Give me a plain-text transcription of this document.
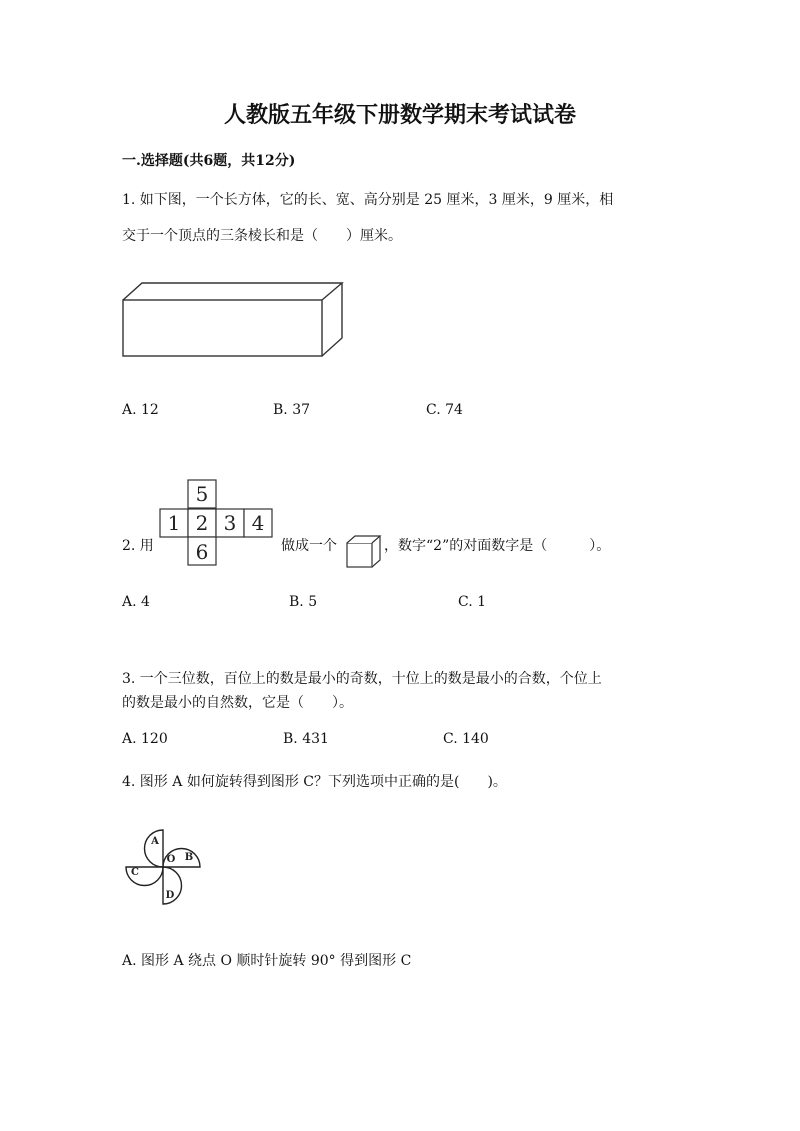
人教版五年级下册数学期末考试试卷
一.选择题(共6题，共12分)
1. 如下图，一个长方体，它的长、宽、高分别是 25 厘米，3 厘米，9 厘米，相
交于一个顶点的三条棱长和是（　　）厘米。
A. 12	B. 37	C. 74
2. 用
5
1 2 3 4
6	做成一个	，数字“2”的对面数字是（　　　）。
A. 4	B. 5	C. 1
3. 一个三位数，百位上的数是最小的奇数，十位上的数是最小的合数，个位上
的数是最小的自然数，它是（　　）。
A. 120	B. 431	C. 140
4. 图形 A 如何旋转得到图形 C？下列选项中正确的是(　　)。
A
O B
C
D
A. 图形 A 绕点 O 顺时针旋转 90° 得到图形 C
